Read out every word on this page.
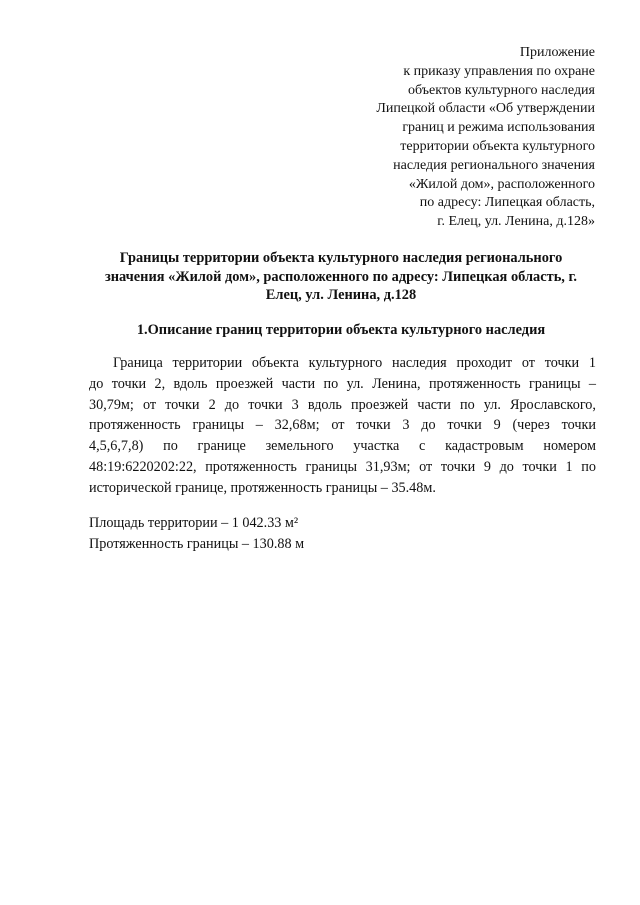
Приложение
к приказу управления по охране
объектов культурного наследия
Липецкой области «Об утверждении
границ и режима использования
территории объекта культурного
наследия регионального значения
«Жилой дом», расположенного
по адресу: Липецкая область,
г. Елец, ул. Ленина, д.128»
Границы территории объекта культурного наследия регионального
значения «Жилой дом», расположенного по адресу: Липецкая область, г.
Елец, ул. Ленина, д.128
1.Описание границ территории объекта культурного наследия
Граница территории объекта культурного наследия проходит от точки 1
до точки 2, вдоль проезжей части по ул. Ленина, протяженность границы –
30,79м; от точки 2 до точки 3 вдоль проезжей части по ул. Ярославского,
протяженность границы – 32,68м; от точки 3 до точки 9 (через точки
4,5,6,7,8) по границе земельного участка с кадастровым номером
48:19:6220202:22, протяженность границы 31,93м; от точки 9 до точки 1 по
исторической границе, протяженность границы – 35.48м.
Площадь территории – 1 042.33 м²
Протяженность границы – 130.88 м
